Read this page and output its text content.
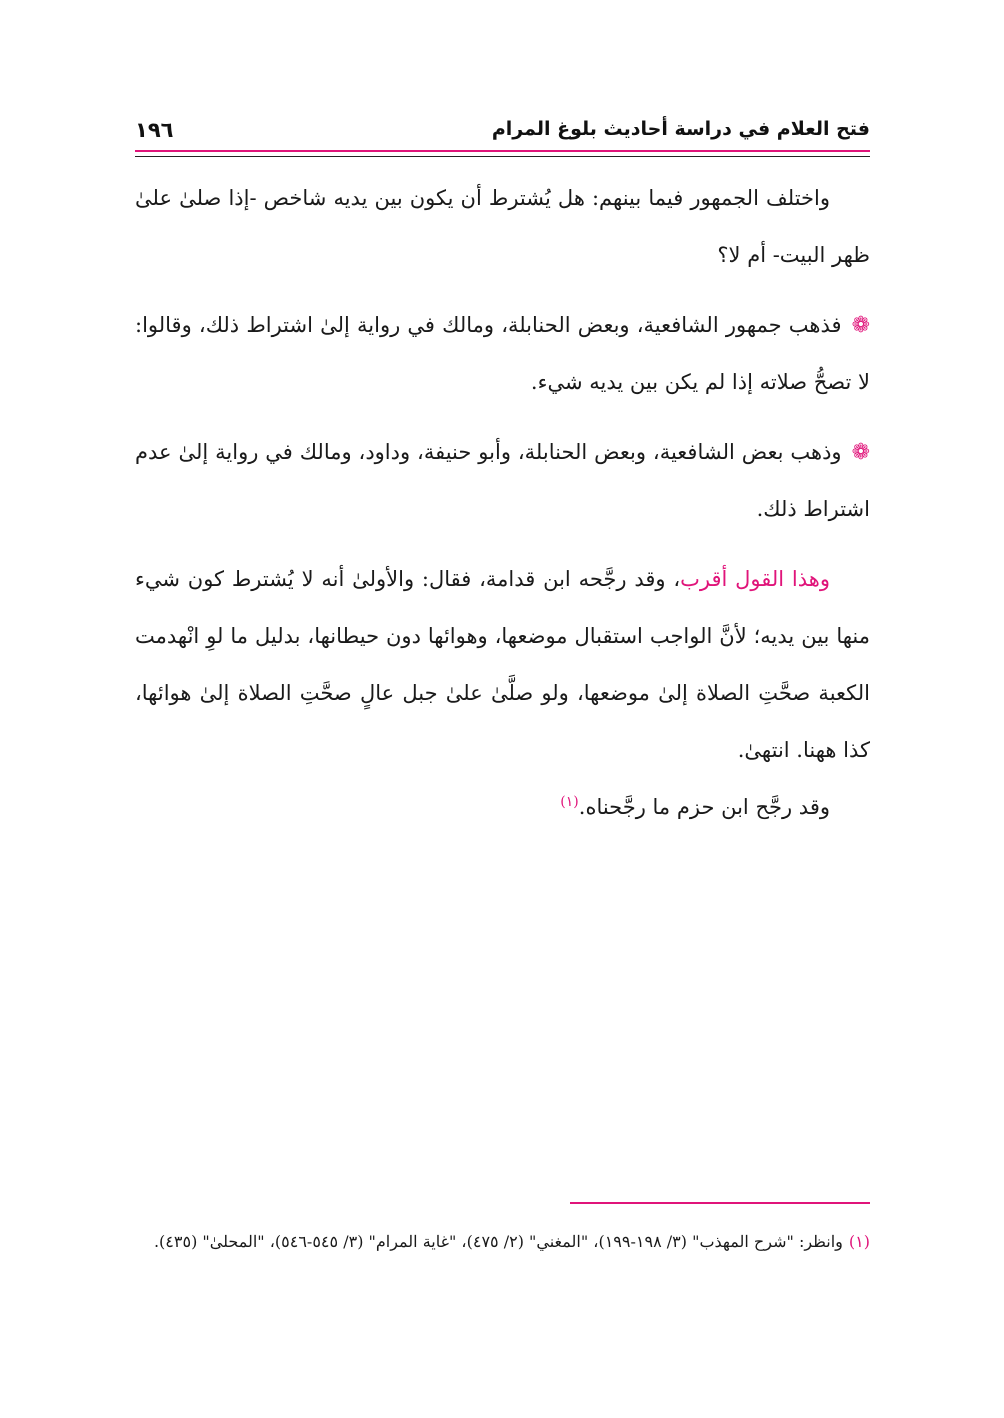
فتح العلام في دراسة أحاديث بلوغ المرام
١٩٦

واختلف الجمهور فيما بينهم: هل يُشترط أن يكون بين يديه شاخص -إذا صلىٰ علىٰ ظهر البيت- أم لا؟

❁فذهب جمهور الشافعية، وبعض الحنابلة، ومالك في رواية إلىٰ اشتراط ذلك، وقالوا: لا تصحُّ صلاته إذا لم يكن بين يديه شيء.

❁وذهب بعض الشافعية، وبعض الحنابلة، وأبو حنيفة، وداود، ومالك في رواية إلىٰ عدم اشتراط ذلك.

وهذا القول أقرب، وقد رجَّحه ابن قدامة، فقال: والأولىٰ أنه لا يُشترط كون شيء منها بين يديه؛ لأنَّ الواجب استقبال موضعها، وهوائها دون حيطانها، بدليل ما لوِ انْهدمت الكعبة صحَّتِ الصلاة إلىٰ موضعها، ولو صلَّىٰ علىٰ جبل عالٍ صحَّتِ الصلاة إلىٰ هوائها، كذا ههنا. انتهىٰ.

وقد رجَّح ابن حزم ما رجَّحناه.$^{(١)}$

(١)وانظر: "شرح المهذب" (٣/ ١٩٨-١٩٩)، "المغني" (٢/ ٤٧٥)، "غاية المرام" (٣/ ٥٤٥-٥٤٦)، "المحلىٰ" (٤٣٥).
